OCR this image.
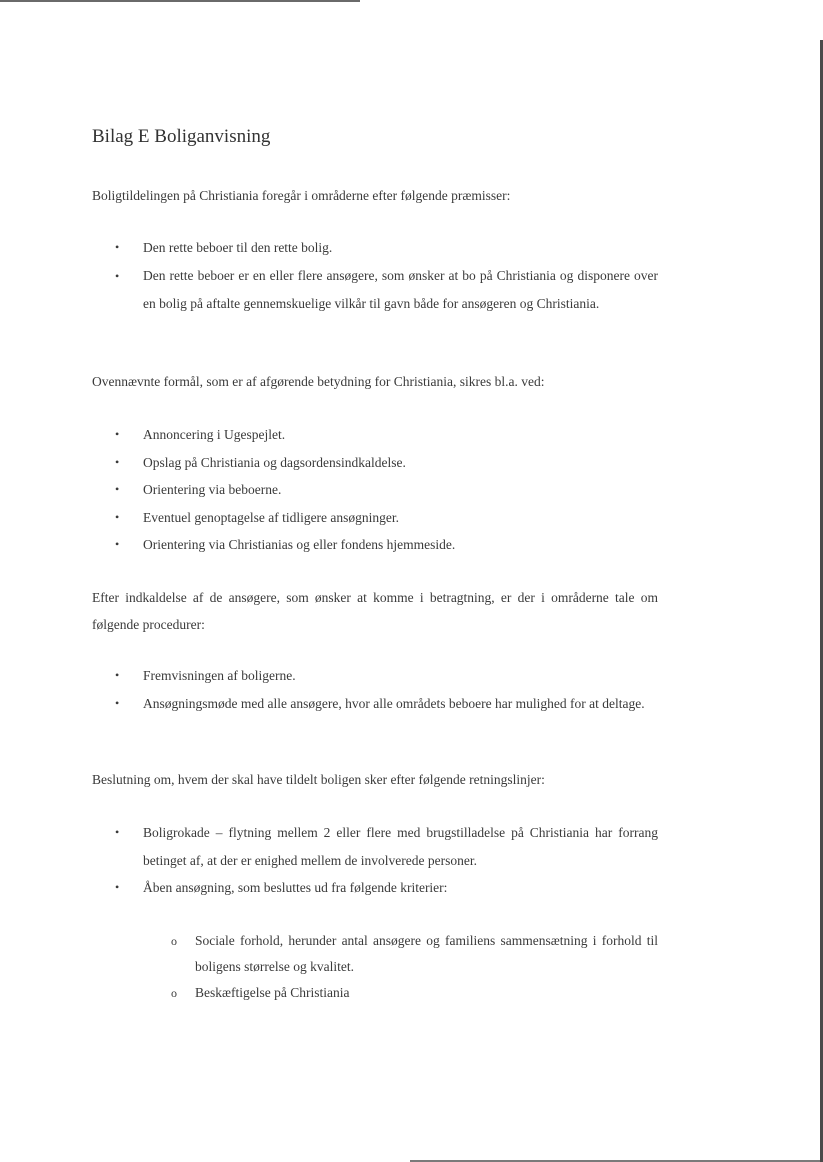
Bilag E Boliganvisning

Boligtildelingen på Christiania foregår i områderne efter følgende præmisser:

• Den rette beboer til den rette bolig.
• Den rette beboer er en eller flere ansøgere, som ønsker at bo på Christiania og disponere over en bolig på aftalte gennemskuelige vilkår til gavn både for ansøgeren og Christiania.

Ovennævnte formål, som er af afgørende betydning for Christiania, sikres bl.a. ved:

• Annoncering i Ugespejlet.
• Opslag på Christiania og dagsordensindkaldelse.
• Orientering via beboerne.
• Eventuel genoptagelse af tidligere ansøgninger.
• Orientering via Christianias og eller fondens hjemmeside.

Efter indkaldelse af de ansøgere, som ønsker at komme i betragtning, er der i områderne tale om følgende procedurer:

• Fremvisningen af boligerne.
• Ansøgningsmøde med alle ansøgere, hvor alle områdets beboere har mulighed for at deltage.

Beslutning om, hvem der skal have tildelt boligen sker efter følgende retningslinjer:

• Boligrokade – flytning mellem 2 eller flere med brugstilladelse på Christiania har forrang betinget af, at der er enighed mellem de involverede personer.
• Åben ansøgning, som besluttes ud fra følgende kriterier:
o Sociale forhold, herunder antal ansøgere og familiens sammensætning i forhold til boligens størrelse og kvalitet.
o Beskæftigelse på Christiania
